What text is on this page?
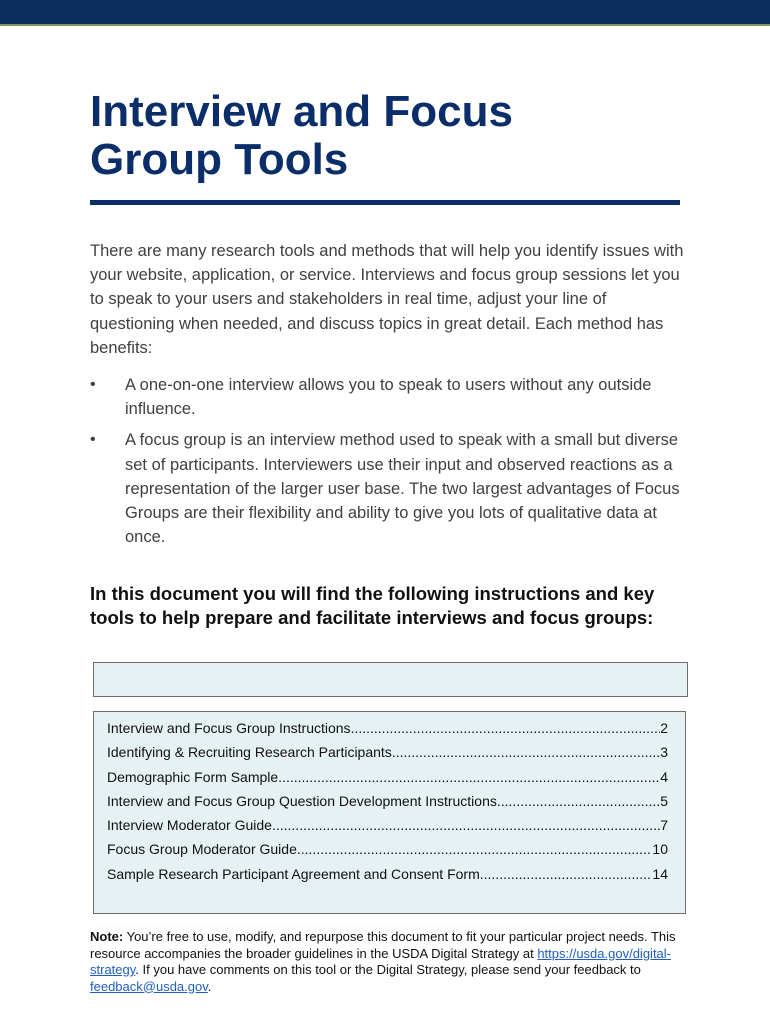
Interview and Focus
Group Tools

There are many research tools and methods that will help you identify issues with your website, application, or service. Interviews and focus group sessions let you to speak to your users and stakeholders in real time, adjust your line of questioning when needed, and discuss topics in great detail. Each method has benefits:

• A one-on-one interview allows you to speak to users without any outside influence.
• A focus group is an interview method used to speak with a small but diverse set of participants. Interviewers use their input and observed reactions as a representation of the larger user base. The two largest advantages of Focus Groups are their flexibility and ability to give you lots of qualitative data at once.
In this document you will find the following instructions and key tools to help prepare and facilitate interviews and focus groups:
Interview and Focus Group Instructions .....	2
Identifying & Recruiting Research Participants .....	3
Demographic Form Sample .....	4
Interview and Focus Group Question Development Instructions .....	5
Interview Moderator Guide .....	7
Focus Group Moderator Guide .....	10
Sample Research Participant Agreement and Consent Form .....	14

Note: You’re free to use, modify, and repurpose this document to fit your particular project needs. This resource accompanies the broader guidelines in the USDA Digital Strategy at https://usda.gov/digital-strategy. If you have comments on this tool or the Digital Strategy, please send your feedback to feedback@usda.gov.
